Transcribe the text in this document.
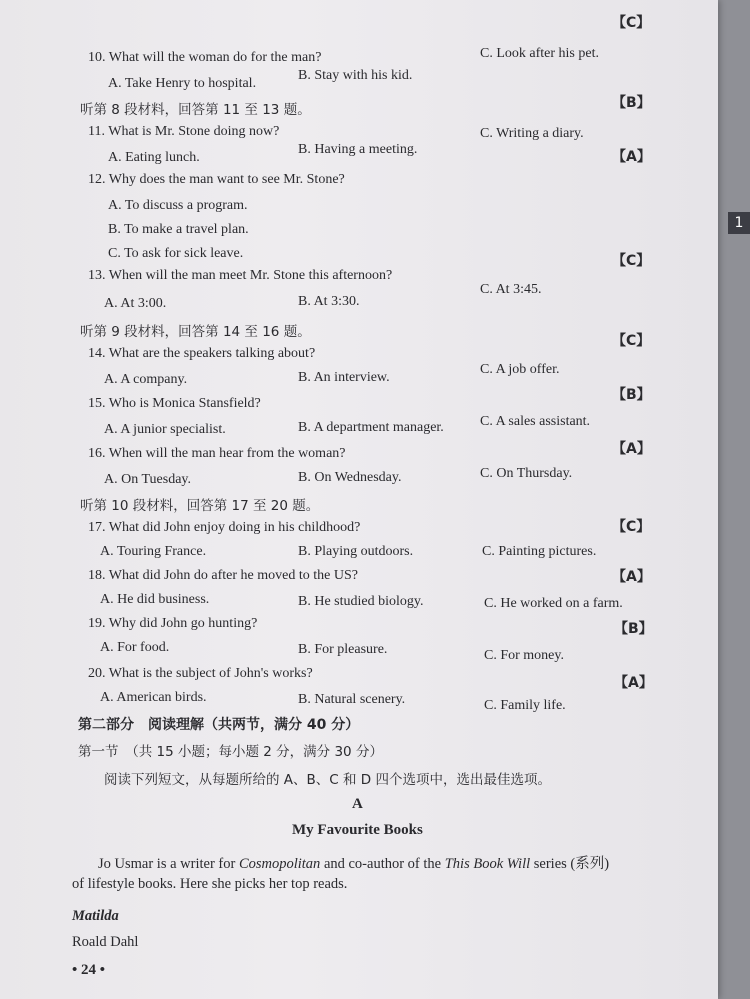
【C】
10. What will the woman do for the man?
A. Take Henry to hospital.
B. Stay with his kid.
C. Look after his pet.
听第 8 段材料，回答第 11 至 13 题。	【B】
11. What is Mr. Stone doing now?
A. Eating lunch.
B. Having a meeting.
C. Writing a diary.
【A】
12. Why does the man want to see Mr. Stone?
A. To discuss a program.
B. To make a travel plan.
C. To ask for sick leave.	【C】
13. When will the man meet Mr. Stone this afternoon?
A. At 3:00.	B. At 3:30.
C. At 3:45.
听第 9 段材料，回答第 14 至 16 题。
【C】
14. What are the speakers talking about?
A. A company.	B. An interview.
C. A job offer.
【B】
15. Who is Monica Stansfield?
A. A junior specialist.	B. A department manager.	C. A sales assistant.
【A】
16. When will the man hear from the woman?
A. On Tuesday.	B. On Wednesday.	C. On Thursday.
听第 10 段材料，回答第 17 至 20 题。
【C】
17. What did John enjoy doing in his childhood?
A. Touring France.	B. Playing outdoors.	C. Painting pictures.
【A】
18. What did John do after he moved to the US?
A. He did business.	B. He studied biology.	C. He worked on a farm.
【B】
19. Why did John go hunting?
A. For food.	B. For pleasure.	C. For money.
【A】
20. What is the subject of John's works?
A. American birds.	B. Natural scenery.	C. Family life.
第二部分　阅读理解（共两节，满分 40 分）
第一节　（共 15 小题；每小题 2 分，满分 30 分）
阅读下列短文，从每题所给的 A、B、C 和 D 四个选项中，选出最佳选项。
A
My Favourite Books
Jo Usmar is a writer for Cosmopolitan and co-author of the This Book Will series (系列)
of lifestyle books. Here she picks her top reads.
Matilda
Roald Dahl
• 24 •
1
